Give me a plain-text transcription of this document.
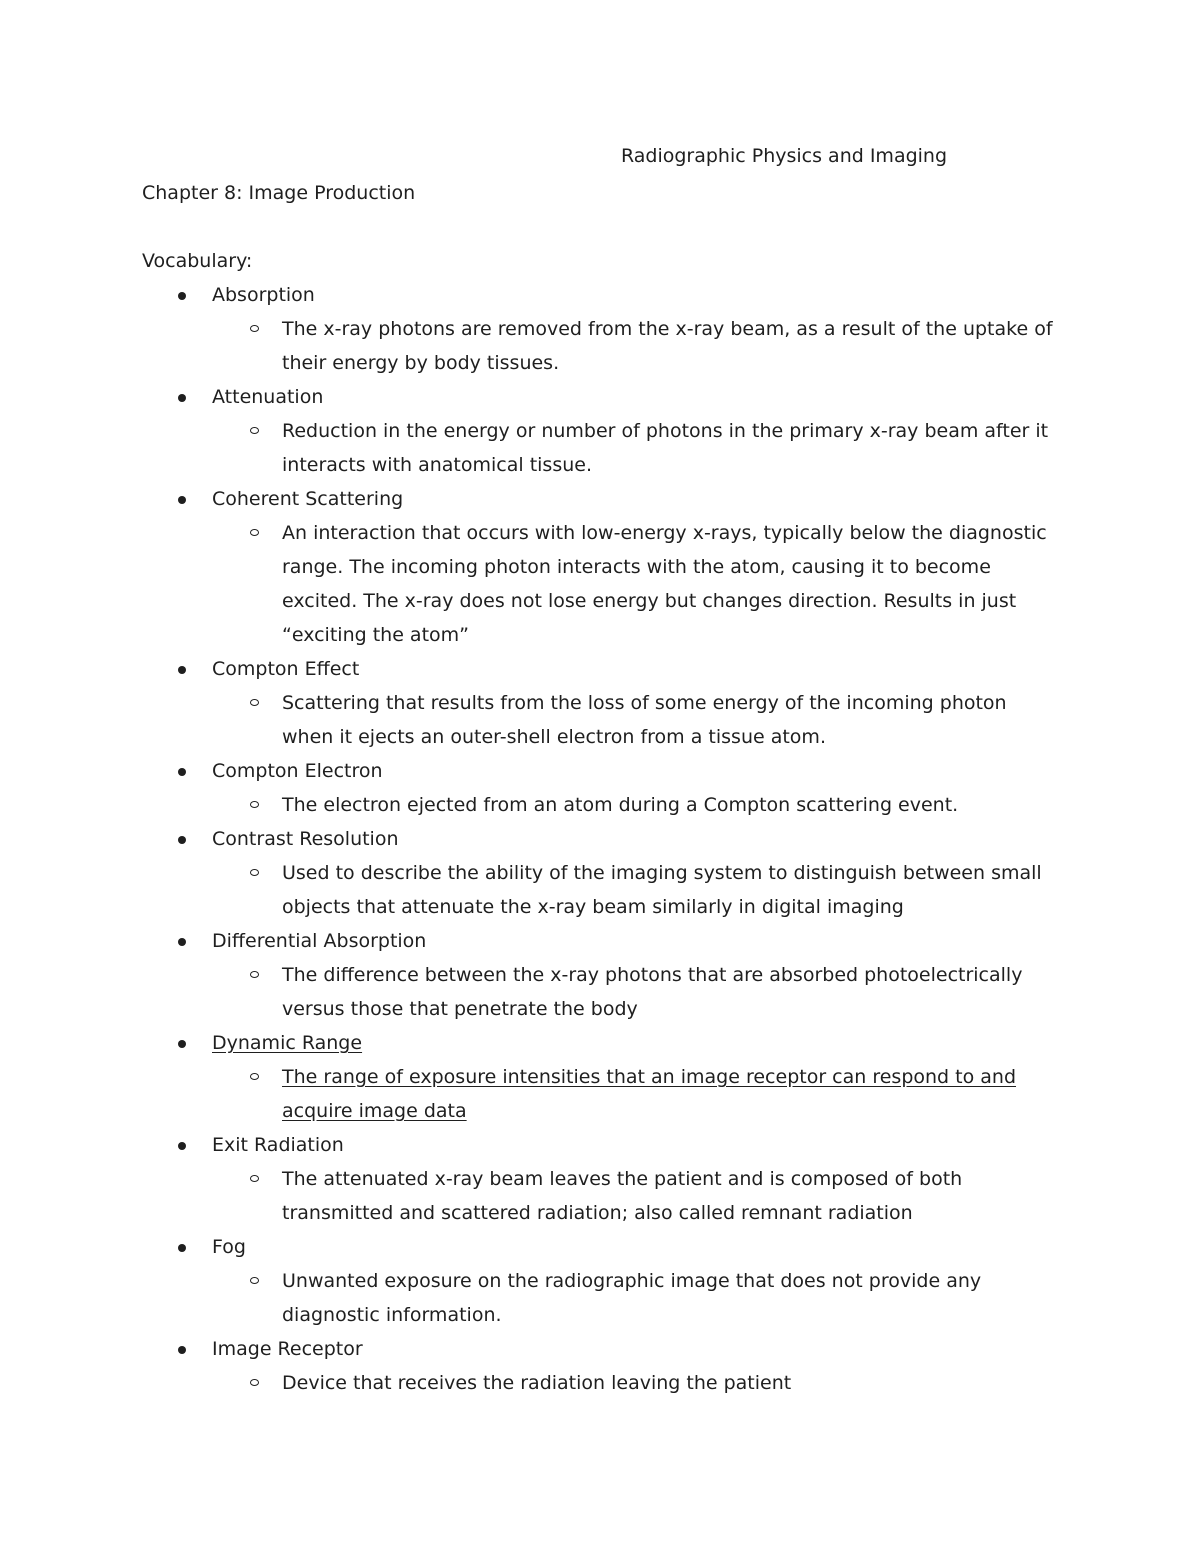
Radiographic Physics and Imaging

Chapter 8: Image Production

Vocabulary:

Absorption
The x-ray photons are removed from the x-ray beam, as a result of the uptake of their energy by body tissues.
Attenuation
Reduction in the energy or number of photons in the primary x-ray beam after it interacts with anatomical tissue.
Coherent Scattering
An interaction that occurs with low-energy x-rays, typically below the diagnostic range. The incoming photon interacts with the atom, causing it to become excited. The x-ray does not lose energy but changes direction. Results in just “exciting the atom”
Compton Effect
Scattering that results from the loss of some energy of the incoming photon when it ejects an outer-shell electron from a tissue atom.
Compton Electron
The electron ejected from an atom during a Compton scattering event.
Contrast Resolution
Used to describe the ability of the imaging system to distinguish between small objects that attenuate the x-ray beam similarly in digital imaging
Differential Absorption
The difference between the x-ray photons that are absorbed photoelectrically versus those that penetrate the body
Dynamic Range
The range of exposure intensities that an image receptor can respond to and acquire image data
Exit Radiation
The attenuated x-ray beam leaves the patient and is composed of both transmitted and scattered radiation; also called remnant radiation
Fog
Unwanted exposure on the radiographic image that does not provide any diagnostic information.
Image Receptor
Device that receives the radiation leaving the patient
